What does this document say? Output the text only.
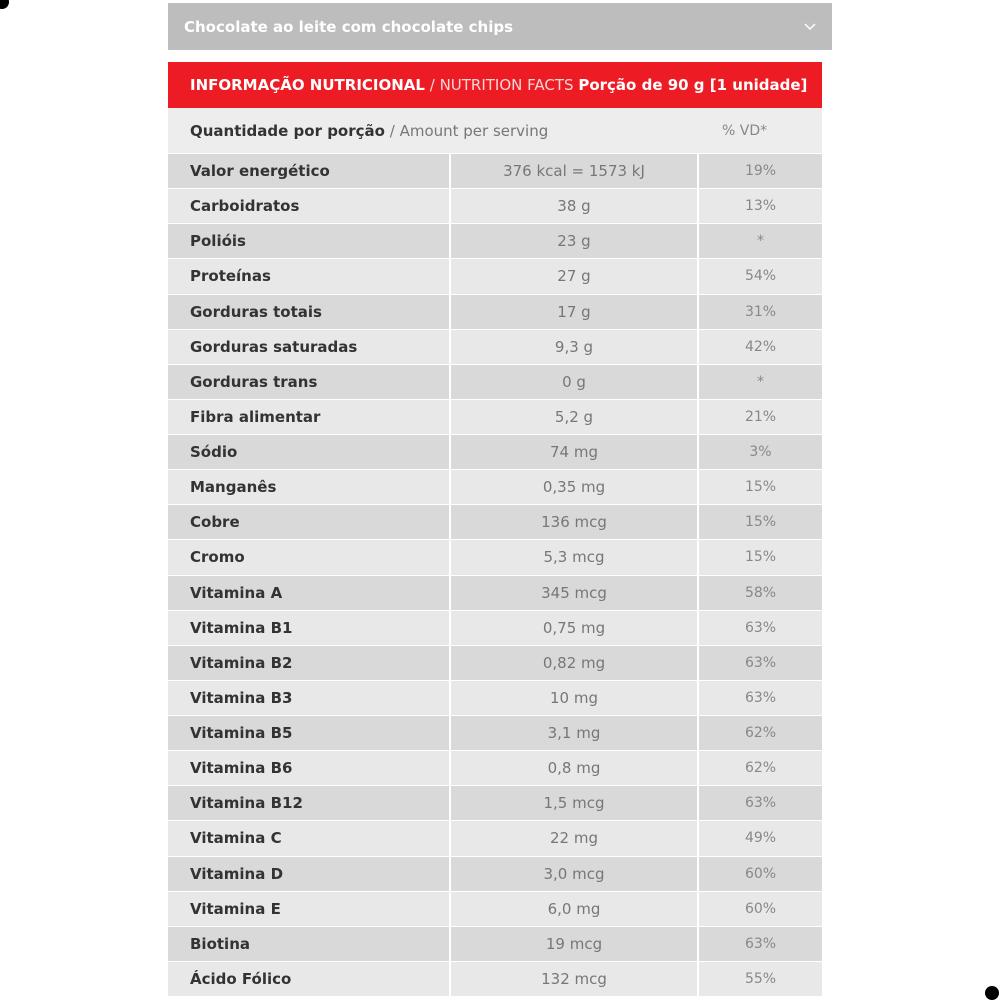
Chocolate ao leite com chocolate chips
INFORMAÇÃO NUTRICIONAL / NUTRITION FACTS
Porção de 90 g [1 unidade]
Quantidade por porção / Amount per serving	% VD*
Valor energético	376 kcal = 1573 kJ	19%
Carboidratos	38 g	13%
Polióis	23 g	*
Proteínas	27 g	54%
Gorduras totais	17 g	31%
Gorduras saturadas	9,3 g	42%
Gorduras trans	0 g	*
Fibra alimentar	5,2 g	21%
Sódio	74 mg	3%
Manganês	0,35 mg	15%
Cobre	136 mcg	15%
Cromo	5,3 mcg	15%
Vitamina A	345 mcg	58%
Vitamina B1	0,75 mg	63%
Vitamina B2	0,82 mg	63%
Vitamina B3	10 mg	63%
Vitamina B5	3,1 mg	62%
Vitamina B6	0,8 mg	62%
Vitamina B12	1,5 mcg	63%
Vitamina C	22 mg	49%
Vitamina D	3,0 mcg	60%
Vitamina E	6,0 mg	60%
Biotina	19 mcg	63%
Ácido Fólico	132 mcg	55%
